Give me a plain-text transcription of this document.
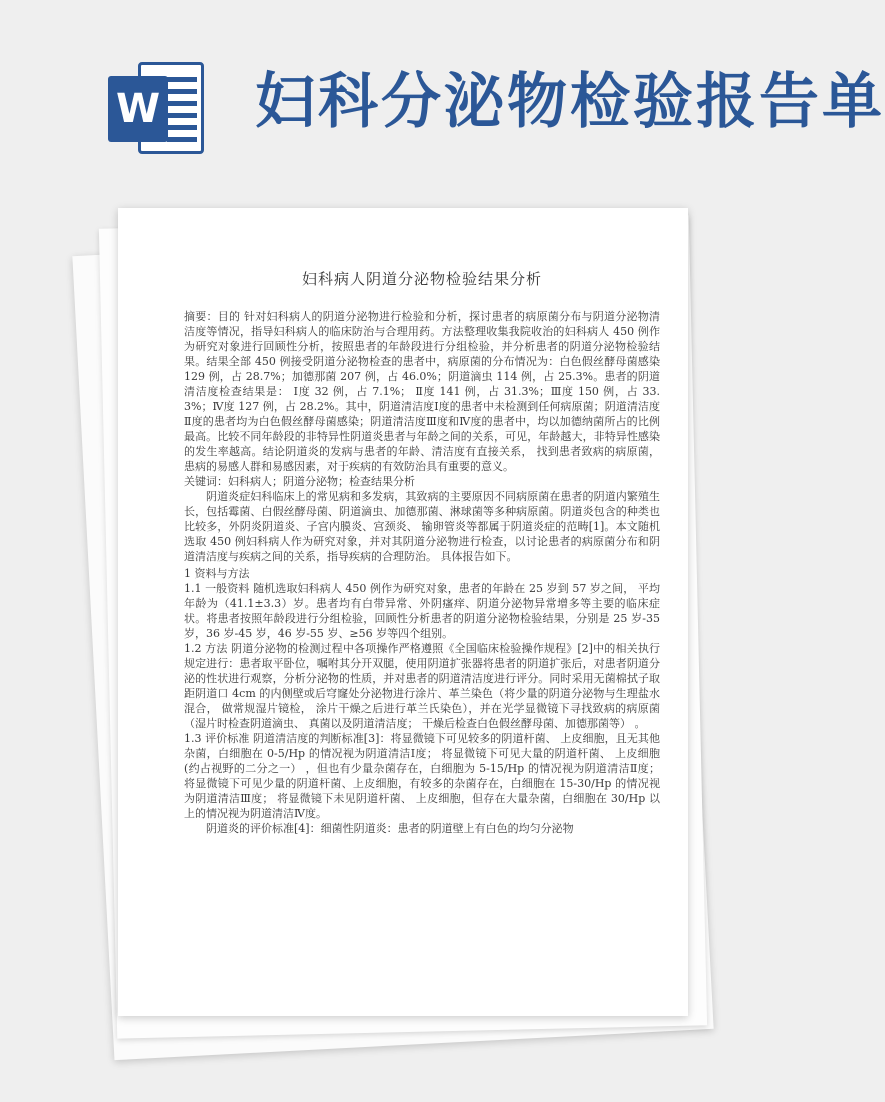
W 妇科分泌物检验报告单
妇科病人阴道分泌物检验结果分析

摘要：目的 针对妇科病人的阴道分泌物进行检验和分析，探讨患者的病原菌分布与阴道分泌物清洁度等情况，指导妇科病人的临床防治与合理用药。方法整理收集我院收治的妇科病人 450 例作为研究对象进行回顾性分析，按照患者的年龄段进行分组检验，并分析患者的阴道分泌物检验结果。结果全部 450 例接受阴道分泌物检查的患者中，病原菌的分布情况为：白色假丝酵母菌感染 129 例，占 28.7%；加德那菌 207 例，占 46.0%；阴道滴虫 114 例，占 25.3%。患者的阴道清洁度检查结果是： Ⅰ度 32 例，占 7.1%； Ⅱ度 141 例，占 31.3%；Ⅲ度 150 例，占 33.3%；Ⅳ度 127 例，占 28.2%。其中，阴道清洁度Ⅰ度的患者中未检测到任何病原菌；阴道清洁度Ⅱ度的患者均为白色假丝酵母菌感染；阴道清洁度Ⅲ度和Ⅳ度的患者中，均以加德纳菌所占的比例最高。比较不同年龄段的非特异性阴道炎患者与年龄之间的关系，可见，年龄越大，非特异性感染的发生率越高。结论阴道炎的发病与患者的年龄、清洁度有直接关系， 找到患者致病的病原菌，患病的易感人群和易感因素，对于疾病的有效防治具有重要的意义。

关键词：妇科病人；阴道分泌物；检查结果分析

阴道炎症妇科临床上的常见病和多发病，其致病的主要原因不同病原菌在患者的阴道内繁殖生长，包括霉菌、白假丝酵母菌、阴道滴虫、加德那菌、淋球菌等多种病原菌。阴道炎包含的种类也比较多，外阴炎阴道炎、子宫内膜炎、宫颈炎、 输卵管炎等都属于阴道炎症的范畴[1]。本文随机选取 450 例妇科病人作为研究对象，并对其阴道分泌物进行检查，以讨论患者的病原菌分布和阴道清洁度与疾病之间的关系，指导疾病的合理防治。 具体报告如下。

1 资料与方法

1.1 一般资料 随机选取妇科病人 450 例作为研究对象，患者的年龄在 25 岁到 57 岁之间， 平均年龄为（41.1±3.3）岁。患者均有白带异常、外阴瘙痒、阴道分泌物异常增多等主要的临床症状。将患者按照年龄段进行分组检验，回顾性分析患者的阴道分泌物检验结果，分别是 25 岁-35 岁，36 岁-45 岁，46 岁-55 岁、≥56 岁等四个组别。

1.2 方法 阴道分泌物的检测过程中各项操作严格遵照《全国临床检验操作规程》[2]中的相关执行规定进行：患者取平卧位，嘱咐其分开双腿，使用阴道扩张器将患者的阴道扩张后，对患者阴道分泌的性状进行观察，分析分泌物的性质，并对患者的阴道清洁度进行评分。同时采用无菌棉拭子取距阴道口 4cm 的内侧壁或后穹窿处分泌物进行涂片、革兰染色（将少量的阴道分泌物与生理盐水混合， 做常规湿片镜检， 涂片干燥之后进行革兰氏染色），并在光学显微镜下寻找致病的病原菌（湿片时检查阴道滴虫、 真菌以及阴道清洁度； 干燥后检查白色假丝酵母菌、加德那菌等） 。

1.3 评价标准 阴道清洁度的判断标准[3]：将显微镜下可见较多的阴道杆菌、 上皮细胞，且无其他杂菌，白细胞在 0-5/Hp 的情况视为阴道清洁Ⅰ度； 将显微镜下可见大量的阴道杆菌、 上皮细胞(约占视野的二分之一） ，但也有少量杂菌存在，白细胞为 5-15/Hp 的情况视为阴道清洁Ⅱ度； 将显微镜下可见少量的阴道杆菌、上皮细胞，有较多的杂菌存在，白细胞在 15-30/Hp 的情况视为阴道清洁Ⅲ度； 将显微镜下未见阴道杆菌、 上皮细胞，但存在大量杂菌，白细胞在 30/Hp 以上的情况视为阴道清洁Ⅳ度。

阴道炎的评价标准[4]：细菌性阴道炎：患者的阴道壁上有白色的均匀分泌物
